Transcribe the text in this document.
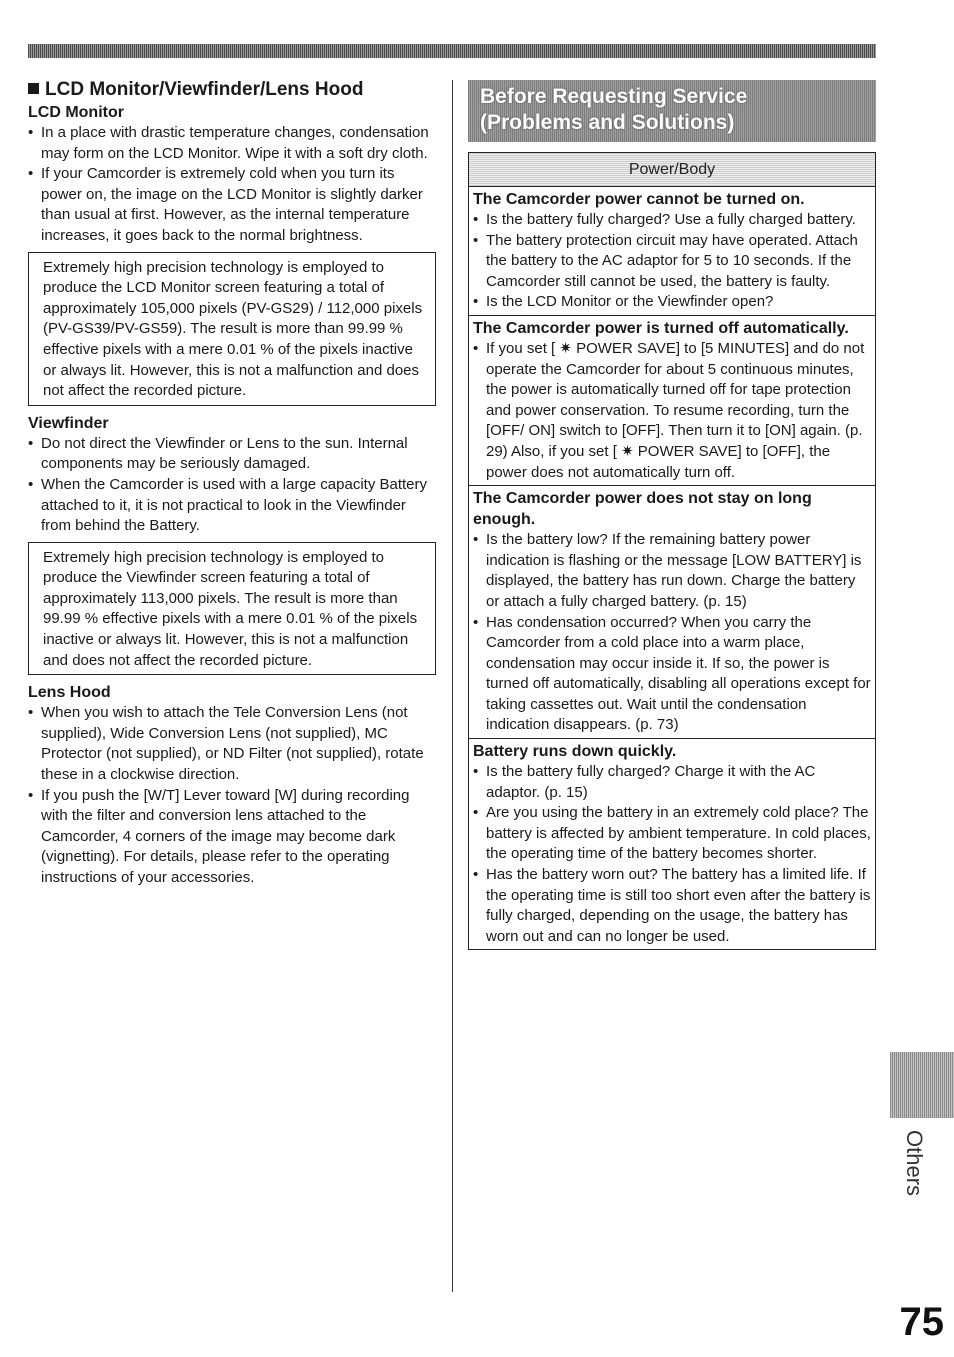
LCD Monitor/Viewfinder/Lens Hood
LCD Monitor

• In a place with drastic temperature changes, condensation may form on the LCD Monitor. Wipe it with a soft dry cloth.

• If your Camcorder is extremely cold when you turn its power on, the image on the LCD Monitor is slightly darker than usual at first. However, as the internal temperature increases, it goes back to the normal brightness.

Extremely high precision technology is employed to produce the LCD Monitor screen featuring a total of approximately 105,000 pixels (PV-GS29) / 112,000 pixels (PV-GS39/PV-GS59). The result is more than 99.99 % effective pixels with a mere 0.01 % of the pixels inactive or always lit. However, this is not a malfunction and does not affect the recorded picture.

Viewfinder

• Do not direct the Viewfinder or Lens to the sun. Internal components may be seriously damaged.

• When the Camcorder is used with a large capacity Battery attached to it, it is not practical to look in the Viewfinder from behind the Battery.

Extremely high precision technology is employed to produce the Viewfinder screen featuring a total of approximately 113,000 pixels. The result is more than 99.99 % effective pixels with a mere 0.01 % of the pixels inactive or always lit. However, this is not a malfunction and does not affect the recorded picture.

Lens Hood

• When you wish to attach the Tele Conversion Lens (not supplied), Wide Conversion Lens (not supplied), MC Protector (not supplied), or ND Filter (not supplied), rotate these in a clockwise direction.

• If you push the [W/T] Lever toward [W] during recording with the filter and conversion lens attached to the Camcorder, 4 corners of the image may become dark (vignetting). For details, please refer to the operating instructions of your accessories.

Before Requesting Service
(Problems and Solutions)
Power/Body

The Camcorder power cannot be turned on.

• Is the battery fully charged? Use a fully charged battery.

• The battery protection circuit may have operated. Attach the battery to the AC adaptor for 5 to 10 seconds. If the Camcorder still cannot be used, the battery is faulty.

• Is the LCD Monitor or the Viewfinder open?

The Camcorder power is turned off automatically.

• If you set [ ✷ POWER SAVE] to [5 MINUTES] and do not operate the Camcorder for about 5 continuous minutes, the power is automatically turned off for tape protection and power conservation. To resume recording, turn the [OFF/ ON] switch to [OFF]. Then turn it to [ON] again. (p. 29) Also, if you set [ ✷ POWER SAVE] to [OFF], the power does not automatically turn off.

The Camcorder power does not stay on long enough.

• Is the battery low? If the remaining battery power indication is flashing or the message [LOW BATTERY] is displayed, the battery has run down. Charge the battery or attach a fully charged battery. (p. 15)

• Has condensation occurred? When you carry the Camcorder from a cold place into a warm place, condensation may occur inside it. If so, the power is turned off automatically, disabling all operations except for taking cassettes out. Wait until the condensation indication disappears. (p. 73)

Battery runs down quickly.

• Is the battery fully charged? Charge it with the AC adaptor. (p. 15)

• Are you using the battery in an extremely cold place? The battery is affected by ambient temperature. In cold places, the operating time of the battery becomes shorter.

• Has the battery worn out? The battery has a limited life. If the operating time is still too short even after the battery is fully charged, depending on the usage, the battery has worn out and can no longer be used.

Others
75
